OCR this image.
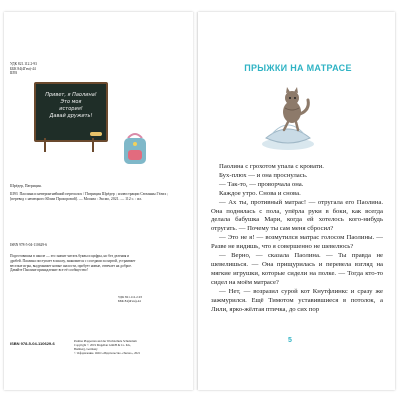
УДК 821.112.2-93
ББК 84(4Гем)-44
Ш93
Привет, я Паолина!
Это моя
история!
Давай дружить!

Шрёдер, Патриция.

Ш93 Паолина и невероятнейший переполох / Патриция Шрёдер ; иллюстрации Сюзанны Гёлих ; [перевод с немецкого Юлии Прохоровой]. — Москва : Эксмо, 2021. — 112 с. : ил.

ISBN 978-5-04-110629-6
Подготовишка в школе — это значит читать буквы и цифры, но без деления и дробей. Паолина поступает в школу, знакомится с соседями за партой, устраивает веселые игры, выдумывает новые шалости, пробует новые, отвечает на доброе. Давайте Паолине принадлежит все её сообщество!
УДК 821.112.2-93
ББК 84(4Гем)-44
Paulina Plappertan and der Wachtschule Schularium
Copyright © 2019 Magellan GmbH & Co. KG,
Bamberg, Germany
© Оформление. ООО «Издательство «Эксмо», 2021
ISBN 978-5-04-110629-6
ПРЫЖКИ НА МАТРАСЕ

Паолина с грохотом упала с кровати.

Бух-плюх — и она проснулась.

— Так-то, — проворчала она.

Каждое утро. Снова и снова.

— Ах ты, противный матрас! — отругала его Паолина. Она поднялась с пола, упёрла руки в боки, как всегда делала бабушка Мари, когда ей хотелось кого-нибудь отругать. — Почему ты сам меня сбросил?

— Это не я! — возмутился матрас голосом Паолины. — Разве не видишь, что я совершенно не шевелюсь?

— Верно, — сказала Паолина. — Ты правда не шевелишься. — Она прищурилась и перевела взгляд на мягкие игрушки, которые сидели на полке. — Тогда кто-то сидел на моём матрасе?

— Нет, — возразил сурой кот Кнутфлинкс и сразу же зажмурился. Ещё Тимотом уставившиеся в потолок, а Лили, ярко-жёлтая птичка, до сих пор

5
